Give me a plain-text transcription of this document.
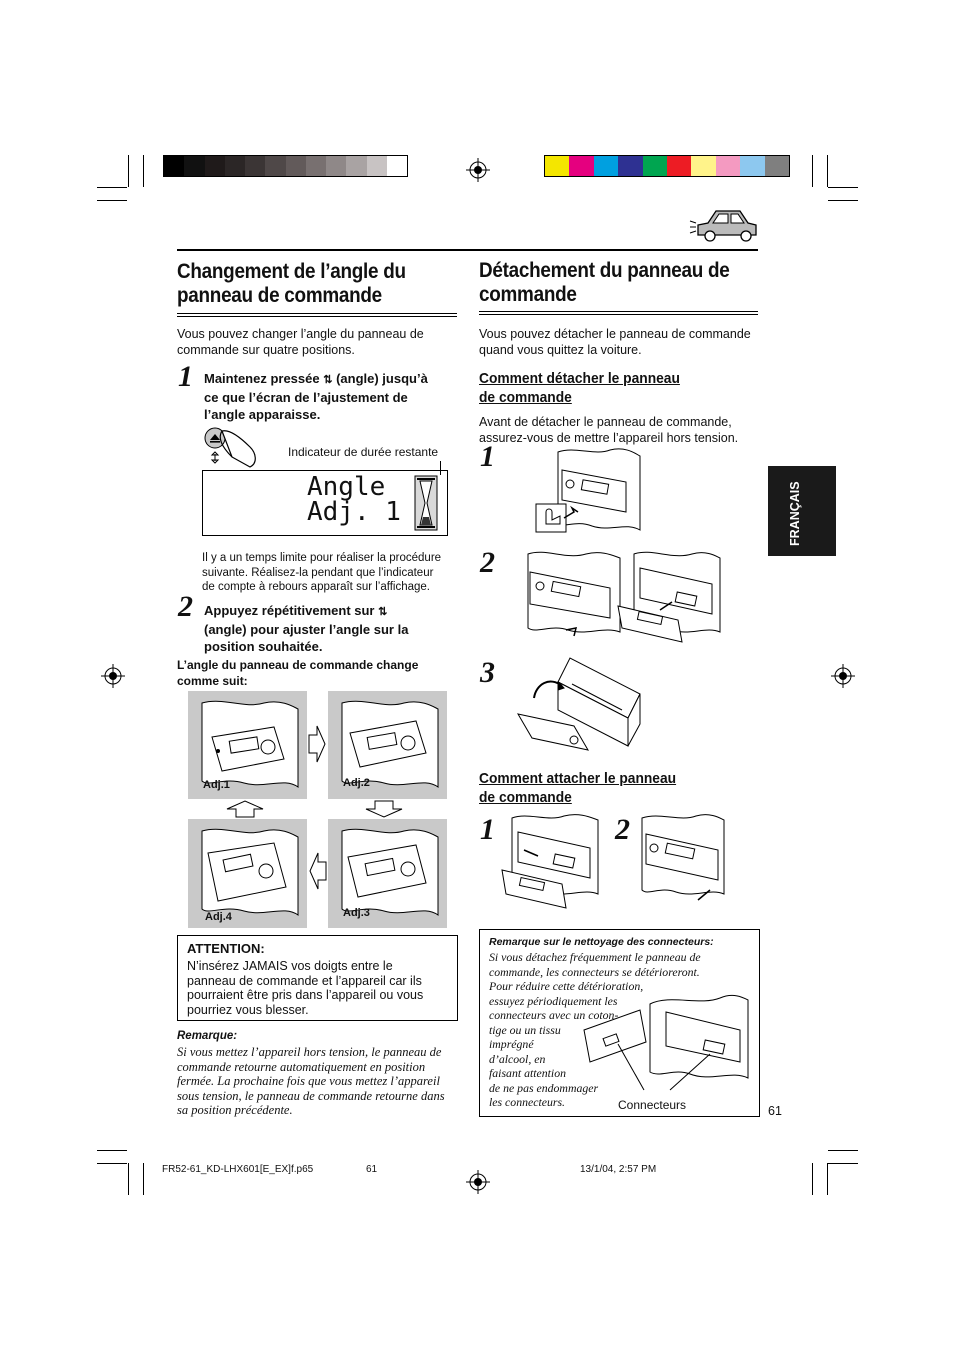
Changement de l’angle du
panneau de commande
Vous pouvez changer l’angle du panneau de
commande sur quatre positions.
1 Maintenez pressée ⇅ (angle) jusqu’à
ce que l’écran de l’ajustement de
l’angle apparaisse.
Indicateur de durée restante
Angle
Adj. 1
Il y a un temps limite pour réaliser la procédure
suivante. Réalisez-la pendant que l’indicateur
de compte à rebours apparaît sur l’affichage.
2 Appuyez répétitivement sur ⇅
(angle) pour ajuster l’angle sur la
position souhaitée.
L’angle du panneau de commande change
comme suit:
Adj.1	Adj.2
Adj.4	Adj.3
ATTENTION:
N’insérez JAMAIS vos doigts entre le
panneau de commande et l’appareil car ils
pourraient être pris dans l’appareil ou vous
pourriez vous blesser.
Remarque:
Si vous mettez l’appareil hors tension, le panneau de
commande retourne automatiquement en position
fermée. La prochaine fois que vous mettez l’appareil
sous tension, le panneau de commande retourne dans
sa position précédente.
Détachement du panneau de
commande
Vous pouvez détacher le panneau de commande
quand vous quittez la voiture.
Comment détacher le panneau
de commande
Avant de détacher le panneau de commande,
assurez-vous de mettre l’appareil hors tension.
1
2
3
Comment attacher le panneau
de commande
1	2
Remarque sur le nettoyage des connecteurs:
Si vous détachez fréquemment le panneau de
commande, les connecteurs se détérioreront.
Pour réduire cette détérioration,
essuyez périodiquement les
connecteurs avec un coton-
tige ou un tissu
imprégné
d’alcool, en
faisant attention
de ne pas endommager
les connecteurs.	Connecteurs
FRANÇAIS
61
FR52-61_KD-LHX601[E_EX]f.p65	61	13/1/04, 2:57 PM
